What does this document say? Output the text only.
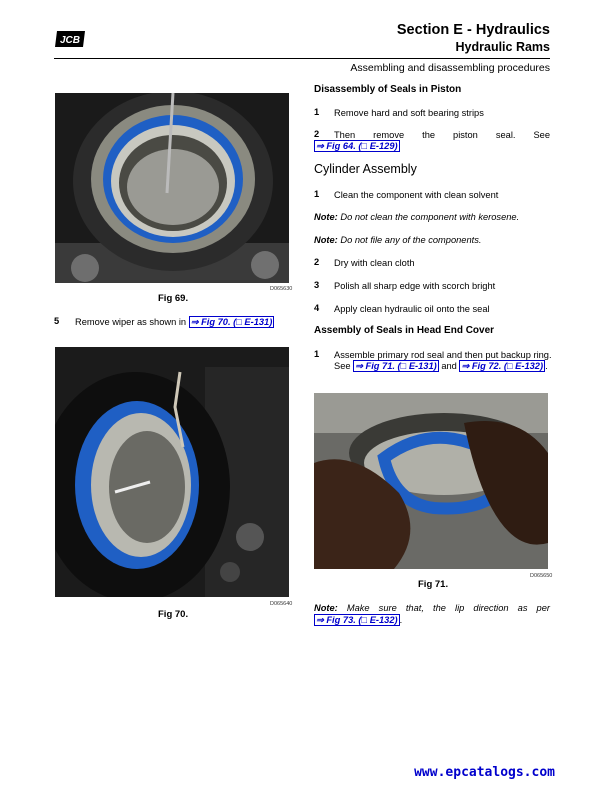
JCB
Section E - Hydraulics
Hydraulic Rams
Assembling and disassembling procedures
D065630
Fig 69.
5 Remove wiper as shown in ⇒ Fig 70. (□ E-131)
D065640
Fig 70.
Disassembly of Seals in Piston
1 Remove hard and soft bearing strips
2 Then remove the piston seal. See
⇒ Fig 64. (□ E-129)
Cylinder Assembly
1 Clean the component with clean solvent
Note: Do not clean the component with kerosene.
Note: Do not file any of the components.
2 Dry with clean cloth
3 Polish all sharp edge with scorch bright
4 Apply clean hydraulic oil onto the seal
Assembly of Seals in Head End Cover
1 Assemble primary rod seal and then put backup ring.
See ⇒ Fig 71. (□ E-131) and ⇒ Fig 72. (□ E-132) .
D065650
Fig 71.
Note: Make sure that, the lip direction as per
⇒ Fig 73. (□ E-132) .
www.epcatalogs.com
